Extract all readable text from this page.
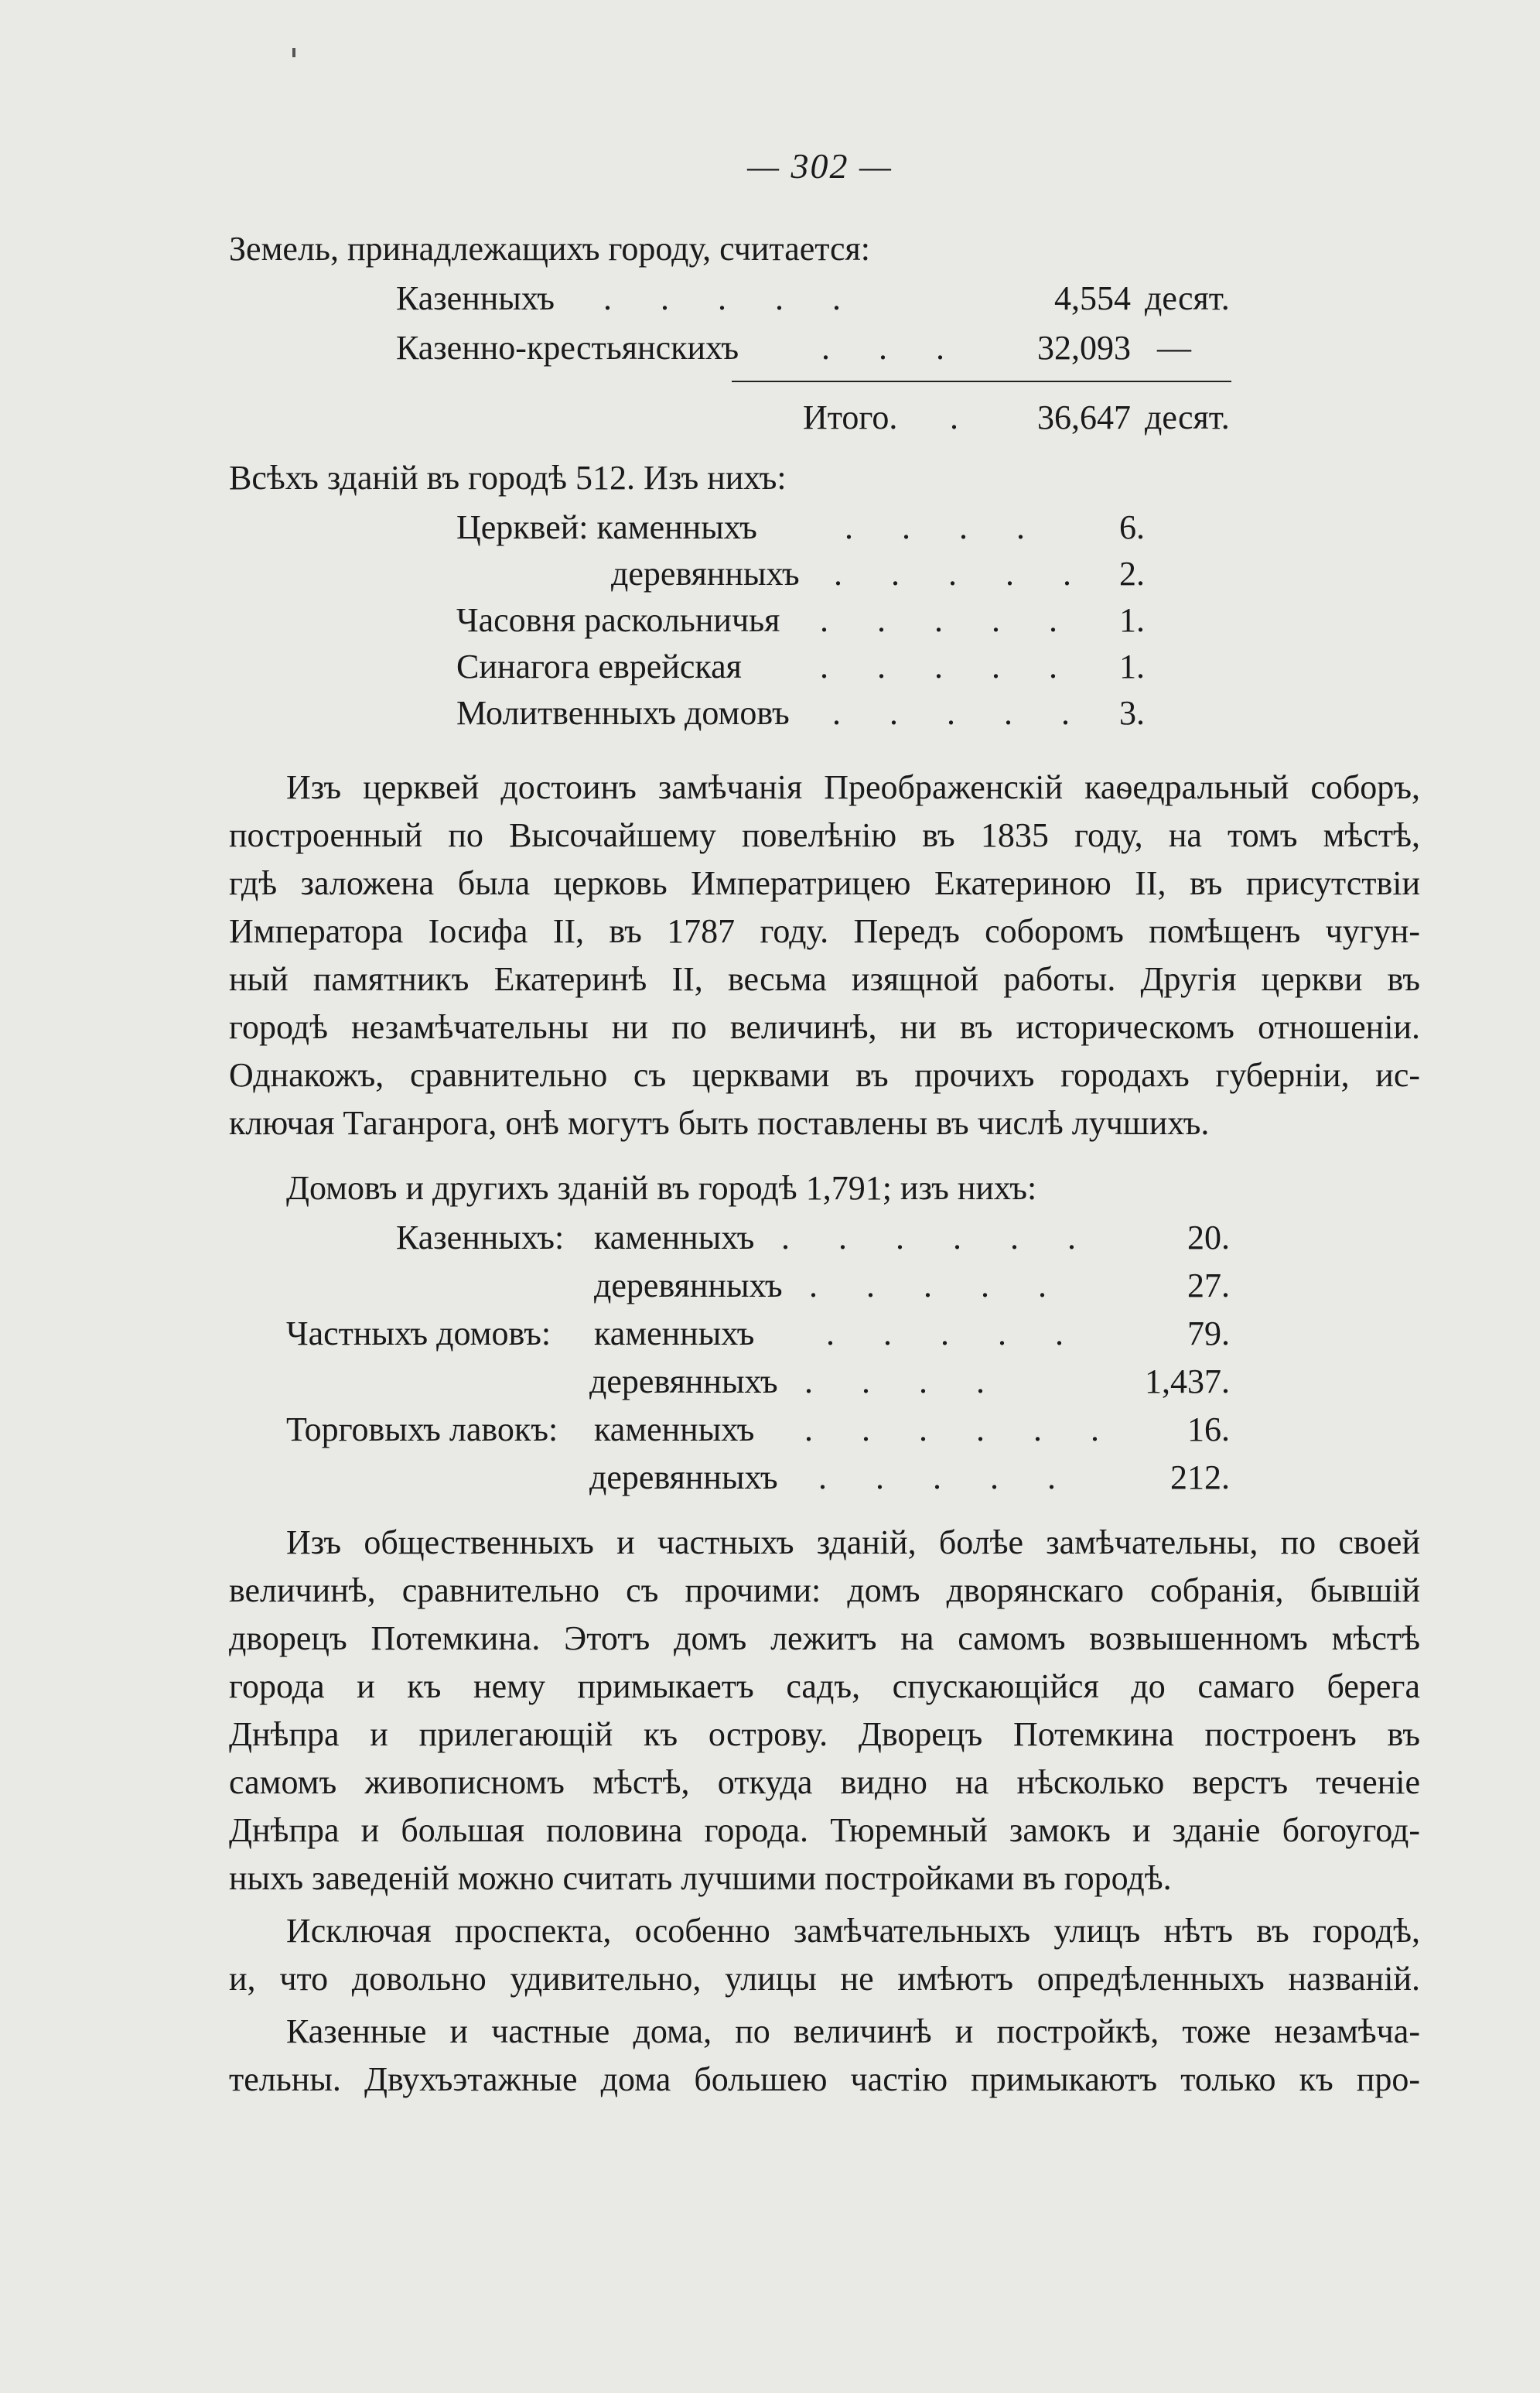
— 302 —
Земель, принадлежащихъ городу, считается:
Казенныхъ . . . . .	4,554 десят.
Казенно-крестьянскихъ . . .	32,093 —
Итого. .	36,647 десят.
Всѣхъ зданій въ городѣ 512. Изъ нихъ:
Церквей: каменныхъ	. . . .	6.
деревянныхъ . . . . . 2.
Часовня раскольничья . . . . .	1.
Синагога еврейская . . . . .	1.
Молитвенныхъ домовъ . . . . . 3.
Изъ церквей достоинъ замѣчанія Преображенскій каѳедральный соборъ,
построенный по Высочайшему повелѣнію въ 1835 году, на томъ мѣстѣ,
гдѣ заложена была церковь Императрицею Екатериною II, въ присутствіи
Императора Іосифа II, въ 1787 году. Передъ соборомъ помѣщенъ чугун-
ный памятникъ Екатеринѣ II, весьма изящной работы. Другія церкви въ
городѣ незамѣчательны ни по величинѣ, ни въ историческомъ отношеніи.
Однакожъ, сравнительно съ церквами въ прочихъ городахъ губерніи, ис-
ключая Таганрога, онѣ могутъ быть поставлены въ числѣ лучшихъ.
Домовъ и другихъ зданій въ городѣ 1,791; изъ нихъ:
Казенныхъ: каменныхъ . . . . . .	20.
деревянныхъ . . . . .	27.
Частныхъ домовъ: каменныхъ . . . . .	79.
деревянныхъ . . . .	1,437.
Торговыхъ лавокъ: каменныхъ . . . . . .	16.
деревянныхъ . . . . .	212.
Изъ общественныхъ и частныхъ зданій, болѣе замѣчательны, по своей
величинѣ, сравнительно съ прочими: домъ дворянскаго собранія, бывшій
дворецъ Потемкина. Этотъ домъ лежитъ на самомъ возвышенномъ мѣстѣ
города и къ нему примыкаетъ садъ, спускающійся до самаго берега
Днѣпра и прилегающій къ острову. Дворецъ Потемкина построенъ въ
самомъ живописномъ мѣстѣ, откуда видно на нѣсколько верстъ теченіе
Днѣпра и большая половина города. Тюремный замокъ и зданіе богоугод-
ныхъ заведеній можно считать лучшими постройками въ городѣ.
Исключая проспекта, особенно замѣчательныхъ улицъ нѣтъ въ городѣ,
и, что довольно удивительно, улицы не имѣютъ опредѣленныхъ названій.
Казенные и частные дома, по величинѣ и постройкѣ, тоже незамѣча-
тельны. Двухъэтажные дома большею частію примыкаютъ только къ про-
